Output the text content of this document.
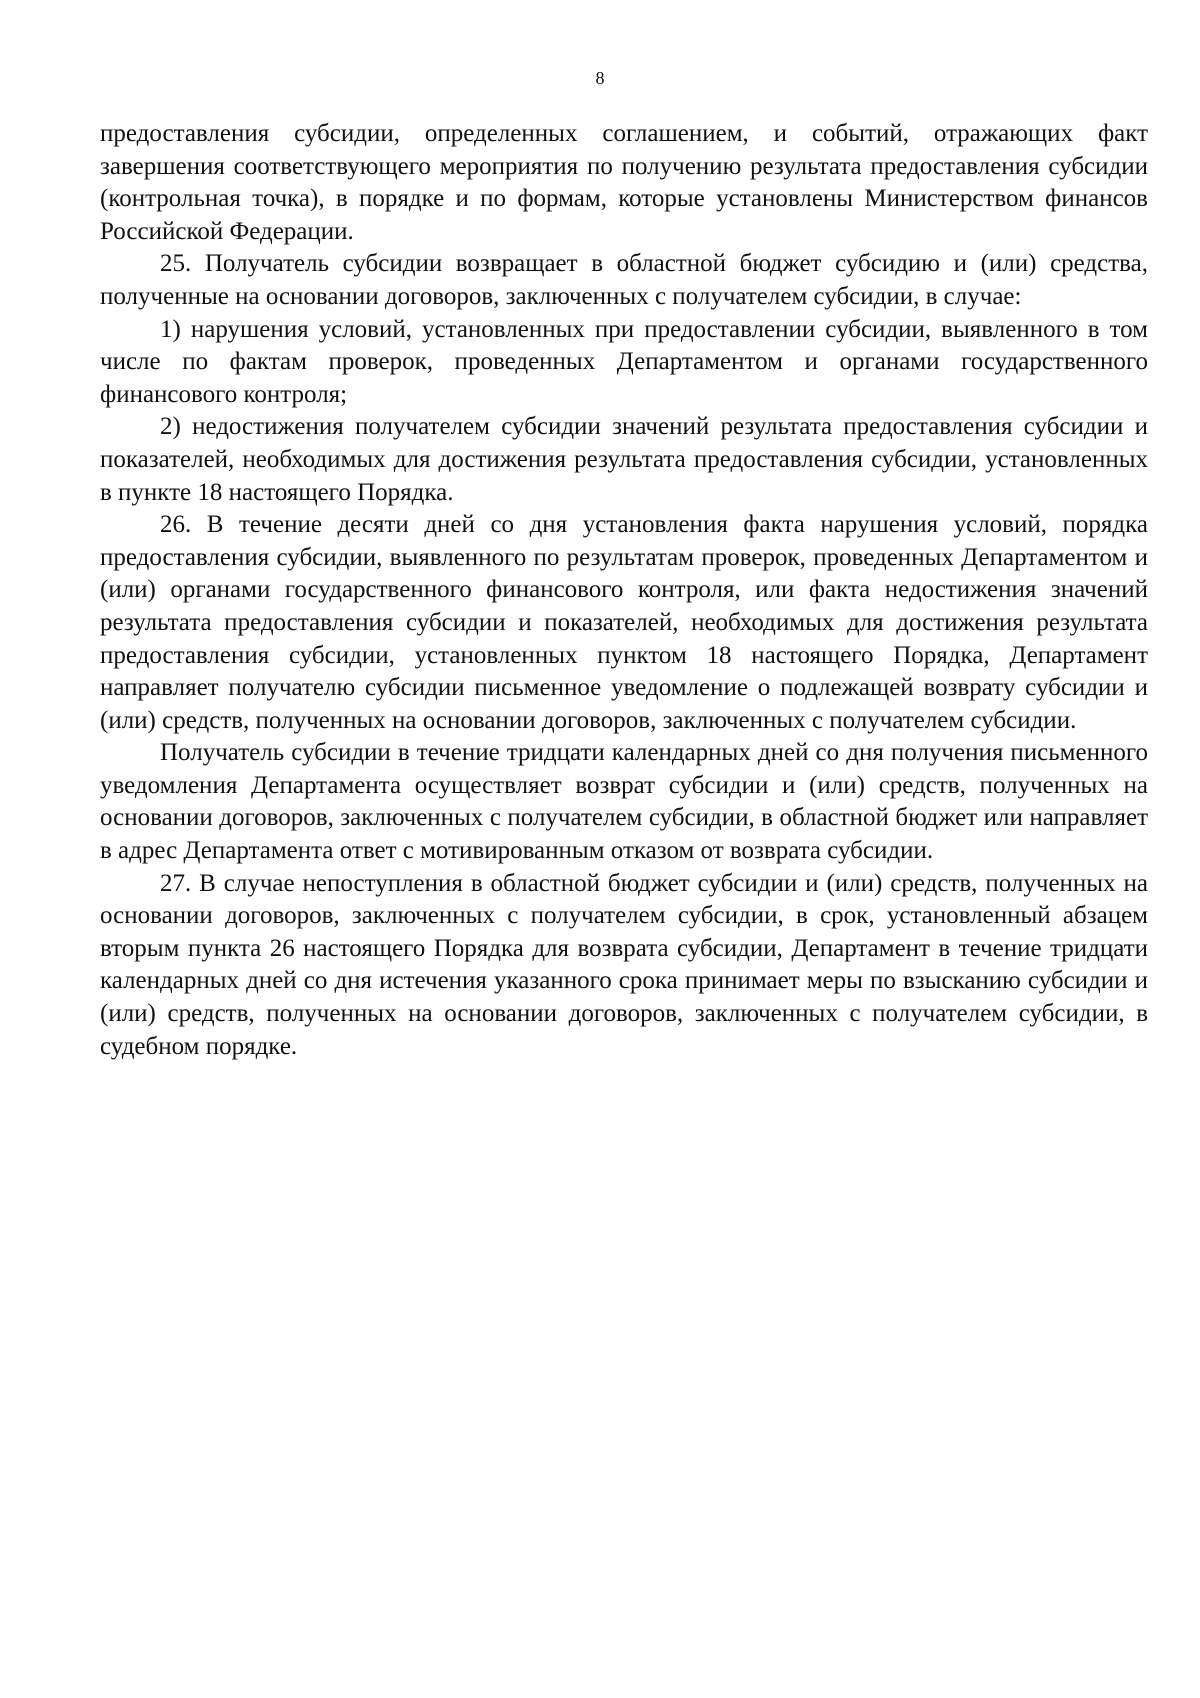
8

предоставления субсидии, определенных соглашением, и событий, отражающих факт завершения соответствующего мероприятия по получению результата предоставления субсидии (контрольная точка), в порядке и по формам, которые установлены Министерством финансов Российской Федерации.

25. Получатель субсидии возвращает в областной бюджет субсидию и (или) средства, полученные на основании договоров, заключенных с получателем субсидии, в случае:

1) нарушения условий, установленных при предоставлении субсидии, выявленного в том числе по фактам проверок, проведенных Департаментом и органами государственного финансового контроля;

2) недостижения получателем субсидии значений результата предоставления субсидии и показателей, необходимых для достижения результата предоставления субсидии, установленных в пункте 18 настоящего Порядка.

26. В течение десяти дней со дня установления факта нарушения условий, порядка предоставления субсидии, выявленного по результатам проверок, проведенных Департаментом и (или) органами государственного финансового контроля, или факта недостижения значений результата предоставления субсидии и показателей, необходимых для достижения результата предоставления субсидии, установленных пунктом 18 настоящего Порядка, Департамент направляет получателю субсидии письменное уведомление о подлежащей возврату субсидии и (или) средств, полученных на основании договоров, заключенных с получателем субсидии.

Получатель субсидии в течение тридцати календарных дней со дня получения письменного уведомления Департамента осуществляет возврат субсидии и (или) средств, полученных на основании договоров, заключенных с получателем субсидии, в областной бюджет или направляет в адрес Департамента ответ с мотивированным отказом от возврата субсидии.

27. В случае непоступления в областной бюджет субсидии и (или) средств, полученных на основании договоров, заключенных с получателем субсидии, в срок, установленный абзацем вторым пункта 26 настоящего Порядка для возврата субсидии, Департамент в течение тридцати календарных дней со дня истечения указанного срока принимает меры по взысканию субсидии и (или) средств, полученных на основании договоров, заключенных с получателем субсидии, в судебном порядке.
